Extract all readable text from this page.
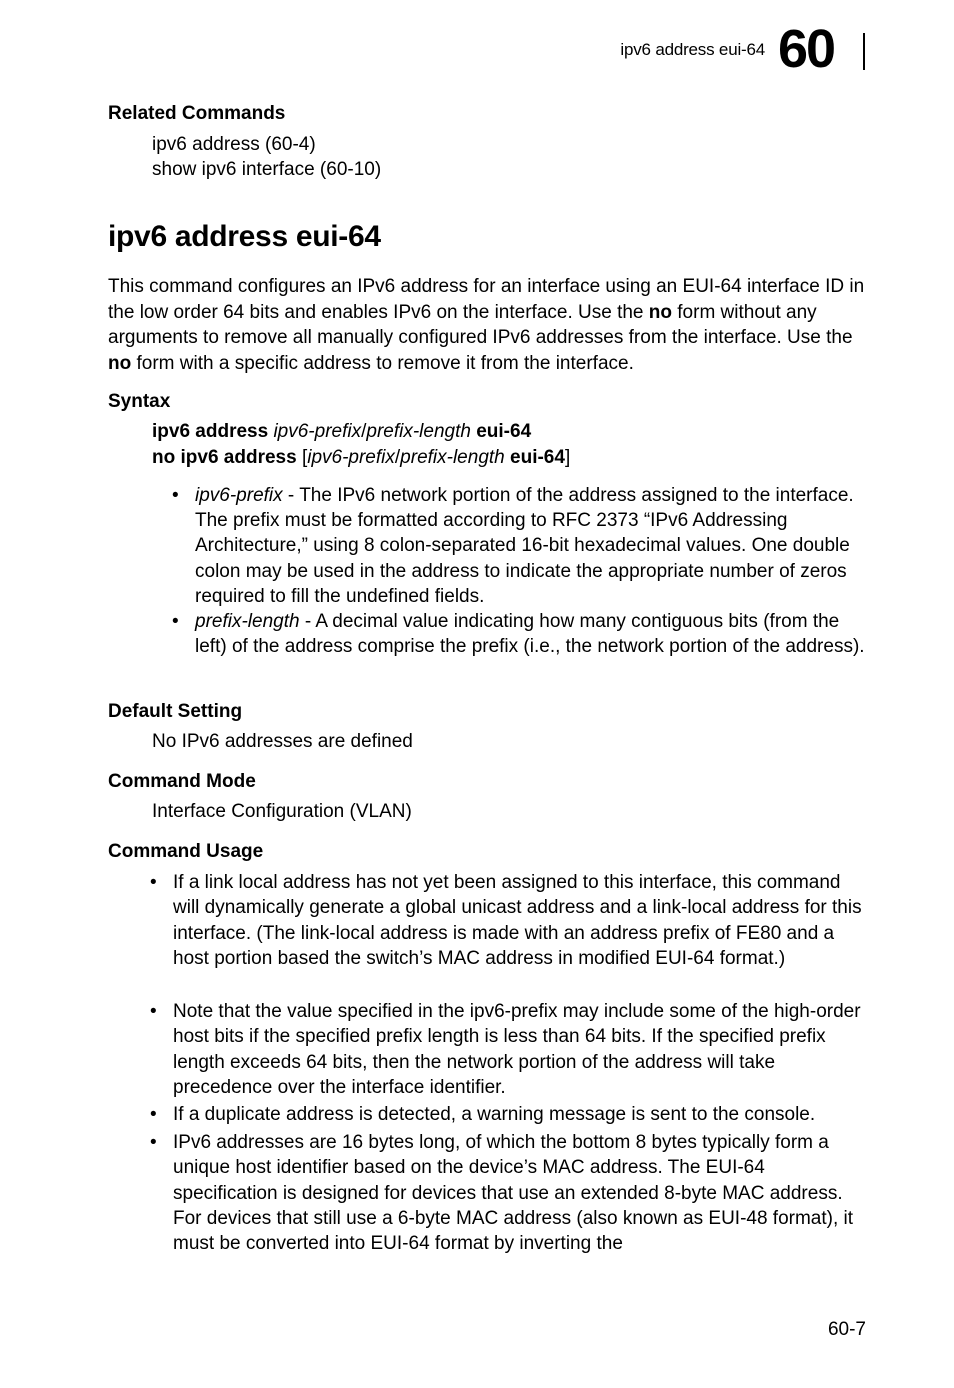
ipv6 address eui-64 60
Related Commands
ipv6 address (60-4)
show ipv6 interface (60-10)
ipv6 address eui-64
This command configures an IPv6 address for an interface using an EUI-64 interface ID in the low order 64 bits and enables IPv6 on the interface. Use the no form without any arguments to remove all manually configured IPv6 addresses from the interface. Use the no form with a specific address to remove it from the interface.
Syntax
ipv6 address ipv6-prefix/prefix-length eui-64
no ipv6 address [ipv6-prefix/prefix-length eui-64]
• ipv6-prefix - The IPv6 network portion of the address assigned to the interface. The prefix must be formatted according to RFC 2373 “IPv6 Addressing Architecture,” using 8 colon-separated 16-bit hexadecimal values. One double colon may be used in the address to indicate the appropriate number of zeros required to fill the undefined fields.
• prefix-length - A decimal value indicating how many contiguous bits (from the left) of the address comprise the prefix (i.e., the network portion of the address).
Default Setting
No IPv6 addresses are defined
Command Mode
Interface Configuration (VLAN)
Command Usage
• If a link local address has not yet been assigned to this interface, this command will dynamically generate a global unicast address and a link-local address for this interface. (The link-local address is made with an address prefix of FE80 and a host portion based the switch’s MAC address in modified EUI-64 format.)
• Note that the value specified in the ipv6-prefix may include some of the high-order host bits if the specified prefix length is less than 64 bits. If the specified prefix length exceeds 64 bits, then the network portion of the address will take precedence over the interface identifier.
• If a duplicate address is detected, a warning message is sent to the console.
• IPv6 addresses are 16 bytes long, of which the bottom 8 bytes typically form a unique host identifier based on the device’s MAC address. The EUI-64 specification is designed for devices that use an extended 8-byte MAC address. For devices that still use a 6-byte MAC address (also known as EUI-48 format), it must be converted into EUI-64 format by inverting the
60-7
